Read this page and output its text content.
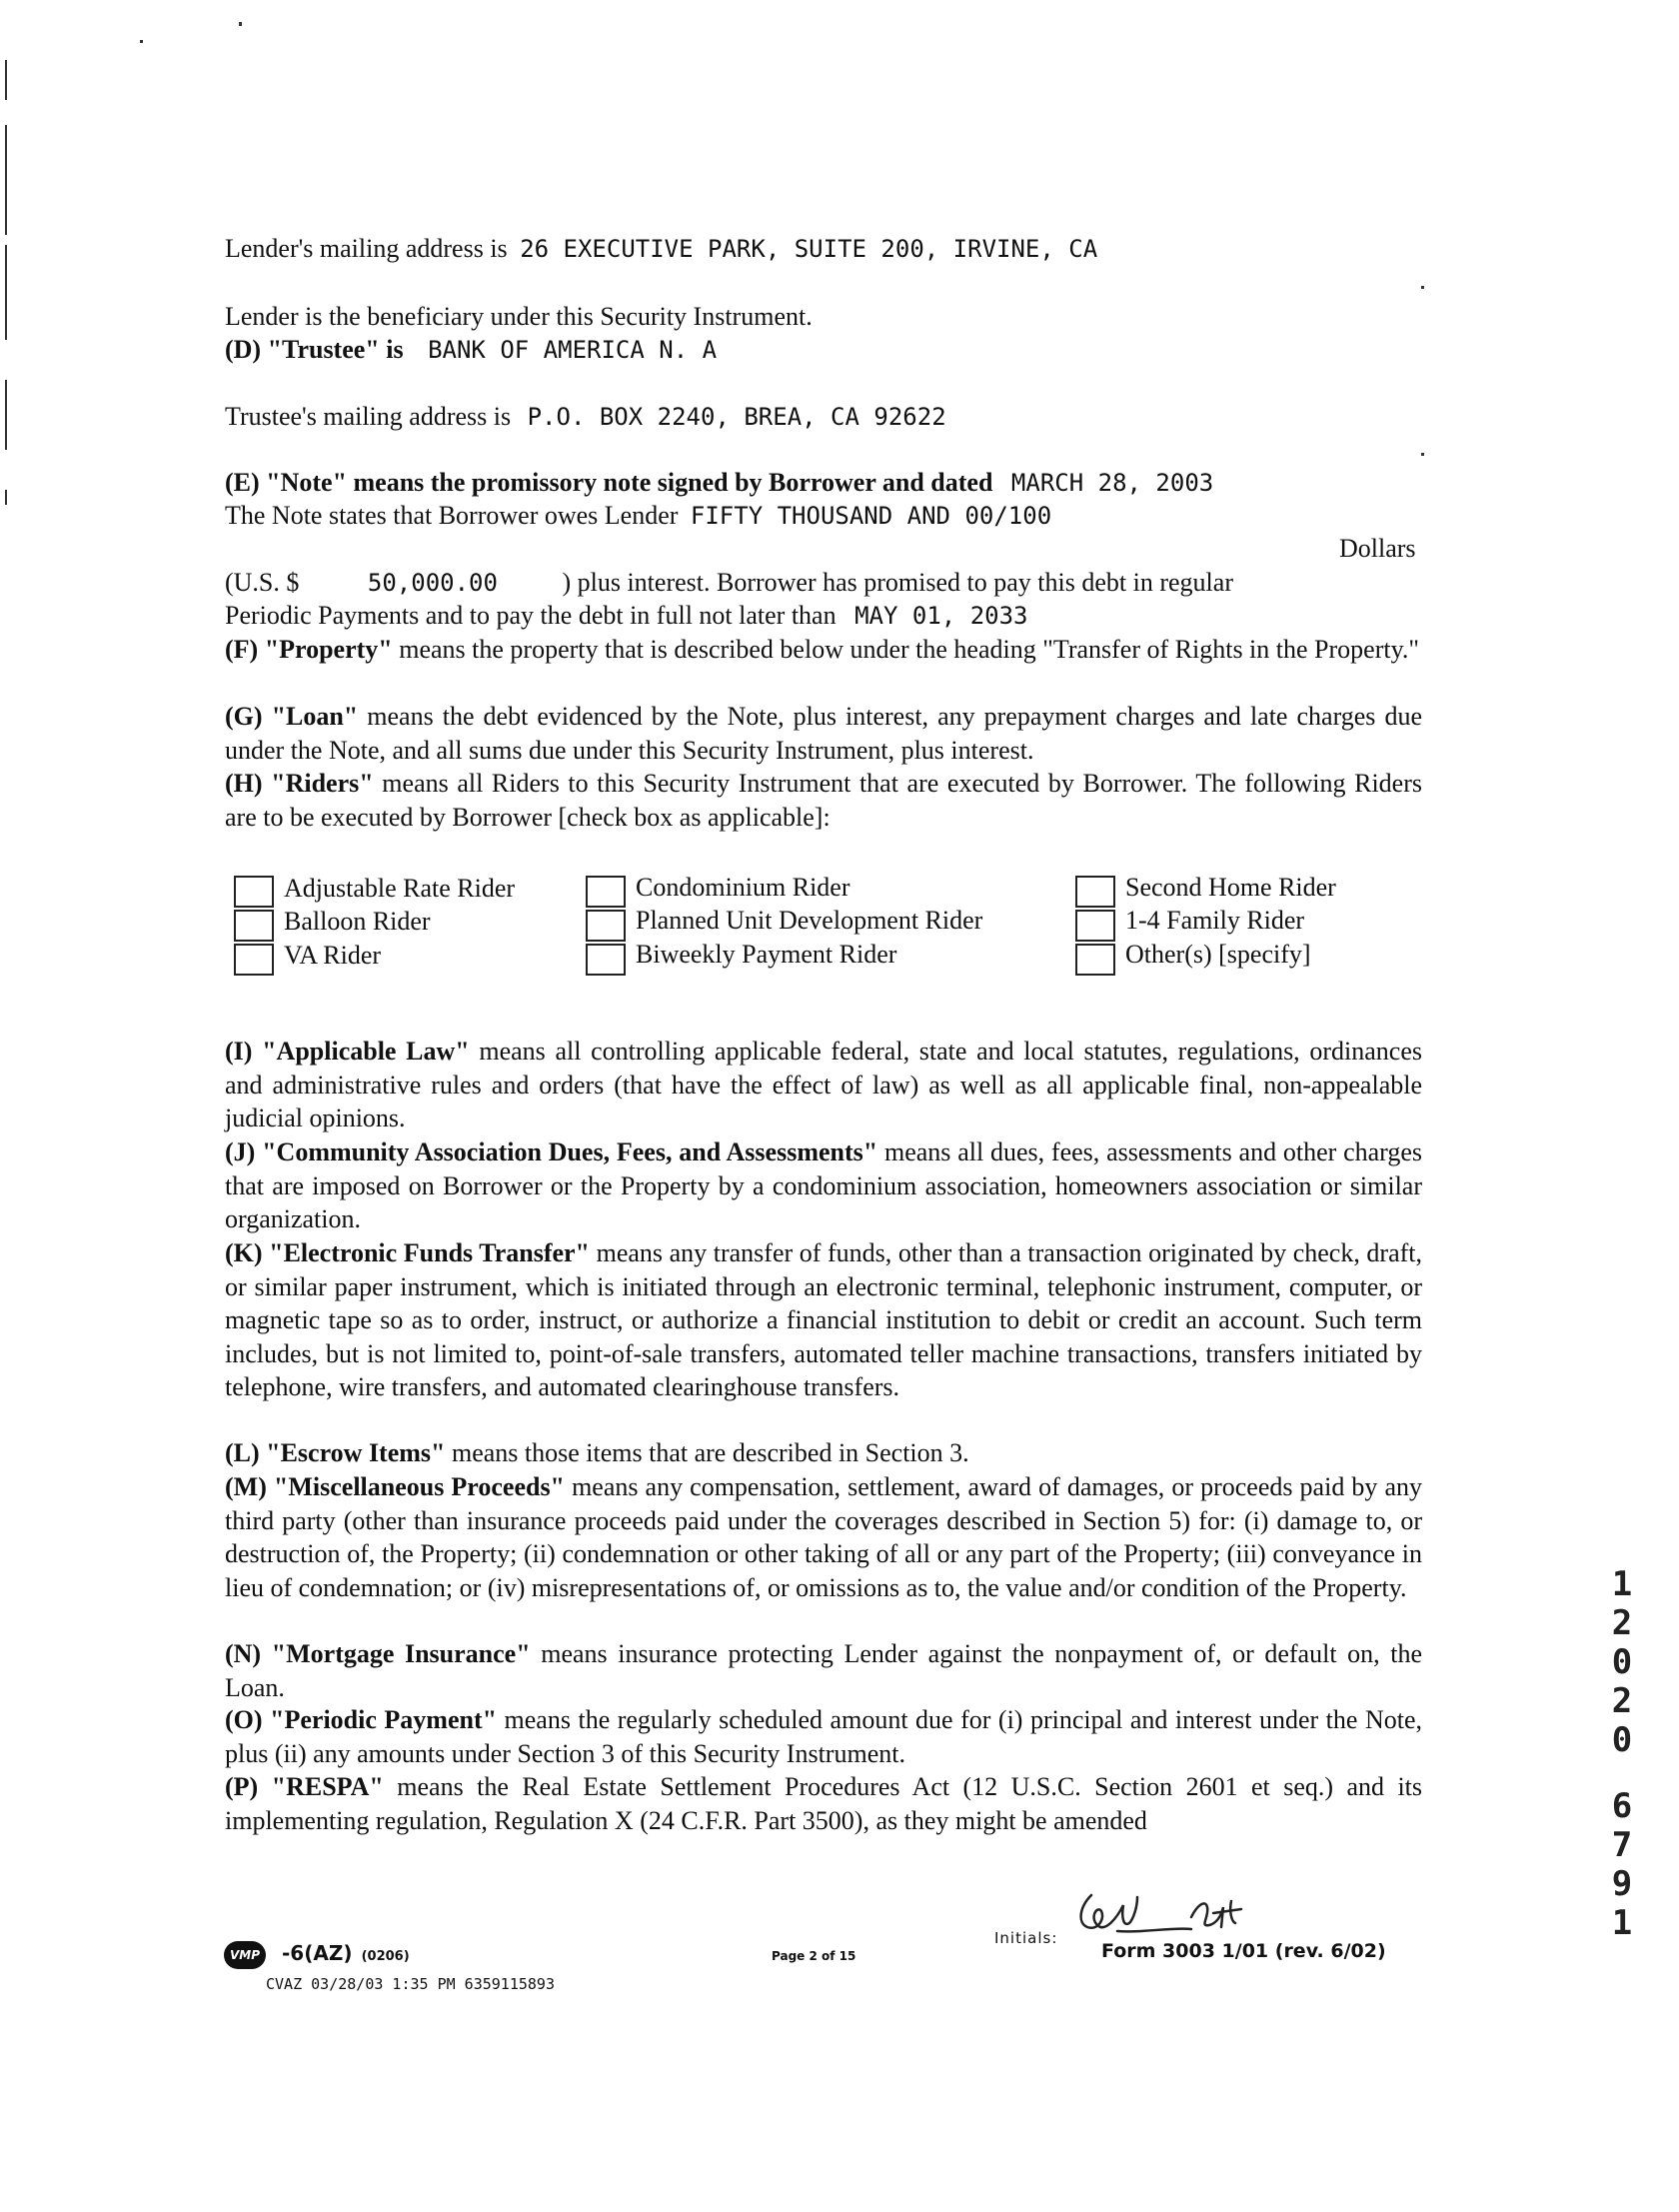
Lender's mailing address is 26 EXECUTIVE PARK, SUITE 200, IRVINE, CA
Lender is the beneficiary under this Security Instrument.
(D) "Trustee" is BANK OF AMERICA N. A
Trustee's mailing address is P.O. BOX 2240, BREA, CA 92622
(E) "Note" means the promissory note signed by Borrower and dated MARCH 28, 2003
The Note states that Borrower owes Lender FIFTY THOUSAND AND 00/100
Dollars
(U.S. $	50,000.00 ) plus interest. Borrower has promised to pay this debt in regular
Periodic Payments and to pay the debt in full not later than MAY 01, 2033
(F) "Property" means the property that is described below under the heading "Transfer of Rights in the Property."
(G) "Loan" means the debt evidenced by the Note, plus interest, any prepayment charges and late charges due under the Note, and all sums due under this Security Instrument, plus interest.
(H) "Riders" means all Riders to this Security Instrument that are executed by Borrower. The following Riders are to be executed by Borrower [check box as applicable]:
Adjustable Rate Rider
Balloon Rider
VA Rider
Condominium Rider
Planned Unit Development Rider
Biweekly Payment Rider
Second Home Rider
1-4 Family Rider
Other(s) [specify]
(I) "Applicable Law" means all controlling applicable federal, state and local statutes, regulations, ordinances and administrative rules and orders (that have the effect of law) as well as all applicable final, non-appealable judicial opinions.
(J) "Community Association Dues, Fees, and Assessments" means all dues, fees, assessments and other charges that are imposed on Borrower or the Property by a condominium association, homeowners association or similar organization.
(K) "Electronic Funds Transfer" means any transfer of funds, other than a transaction originated by check, draft, or similar paper instrument, which is initiated through an electronic terminal, telephonic instrument, computer, or magnetic tape so as to order, instruct, or authorize a financial institution to debit or credit an account. Such term includes, but is not limited to, point-of-sale transfers, automated teller machine transactions, transfers initiated by telephone, wire transfers, and automated clearinghouse transfers.
(L) "Escrow Items" means those items that are described in Section 3.
(M) "Miscellaneous Proceeds" means any compensation, settlement, award of damages, or proceeds paid by any third party (other than insurance proceeds paid under the coverages described in Section 5) for: (i) damage to, or destruction of, the Property; (ii) condemnation or other taking of all or any part of the Property; (iii) conveyance in lieu of condemnation; or (iv) misrepresentations of, or omissions as to, the value and/or condition of the Property.
(N) "Mortgage Insurance" means insurance protecting Lender against the nonpayment of, or default on, the Loan.
(O) "Periodic Payment" means the regularly scheduled amount due for (i) principal and interest under the Note, plus (ii) any amounts under Section 3 of this Security Instrument.
(P) "RESPA" means the Real Estate Settlement Procedures Act (12 U.S.C. Section 2601 et seq.) and its implementing regulation, Regulation X (24 C.F.R. Part 3500), as they might be amended
1
2
0
2
0
6
7
9
1
VMP -6(AZ) (0206)	Page 2 of 15
Initials:
Form 3003 1/01 (rev. 6/02)
CVAZ 03/28/03 1:35 PM 6359115893
